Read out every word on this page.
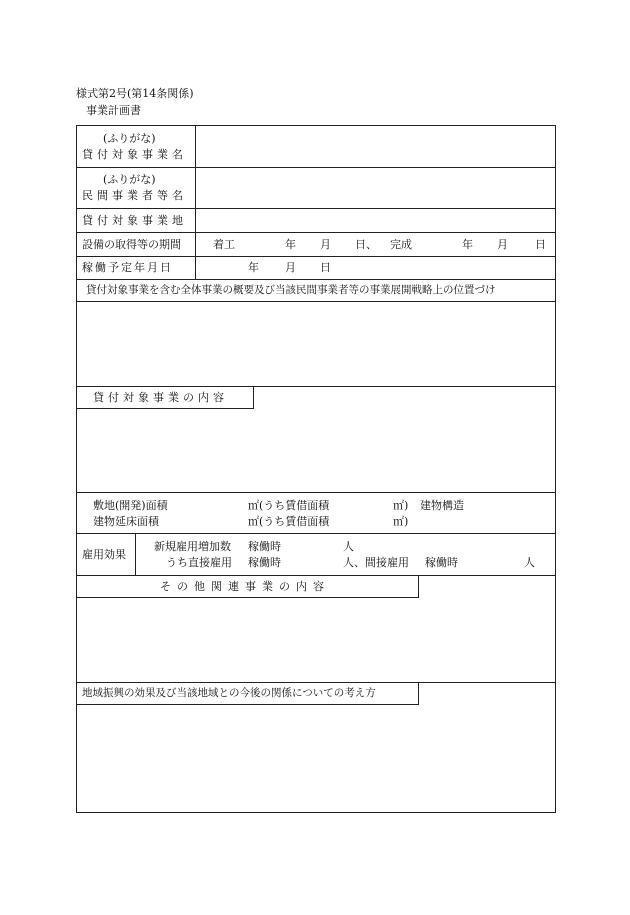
様式第2号(第14条関係)
事業計画書
(ふりがな)
貸付対象事業名
(ふりがな)
民間事業者等名
貸付対象事業地
設備の取得等の期間	着工	年 月 日、 完成	年 月 日
稼働予定年月日	年 月 日
貸付対象事業を含む全体事業の概要及び当該民間事業者等の事業展開戦略上の位置づけ
貸付対象事業の内容
敷地(開発)面積	㎡(うち賃借面積	㎡) 建物構造
建物延床面積	㎡(うち賃借面積	㎡)
雇用効果
新規雇用増加数 稼働時	人
うち直接雇用 稼働時	人、間接雇用 稼働時	人
その他関連事業の内容
地域振興の効果及び当該地域との今後の関係についての考え方
